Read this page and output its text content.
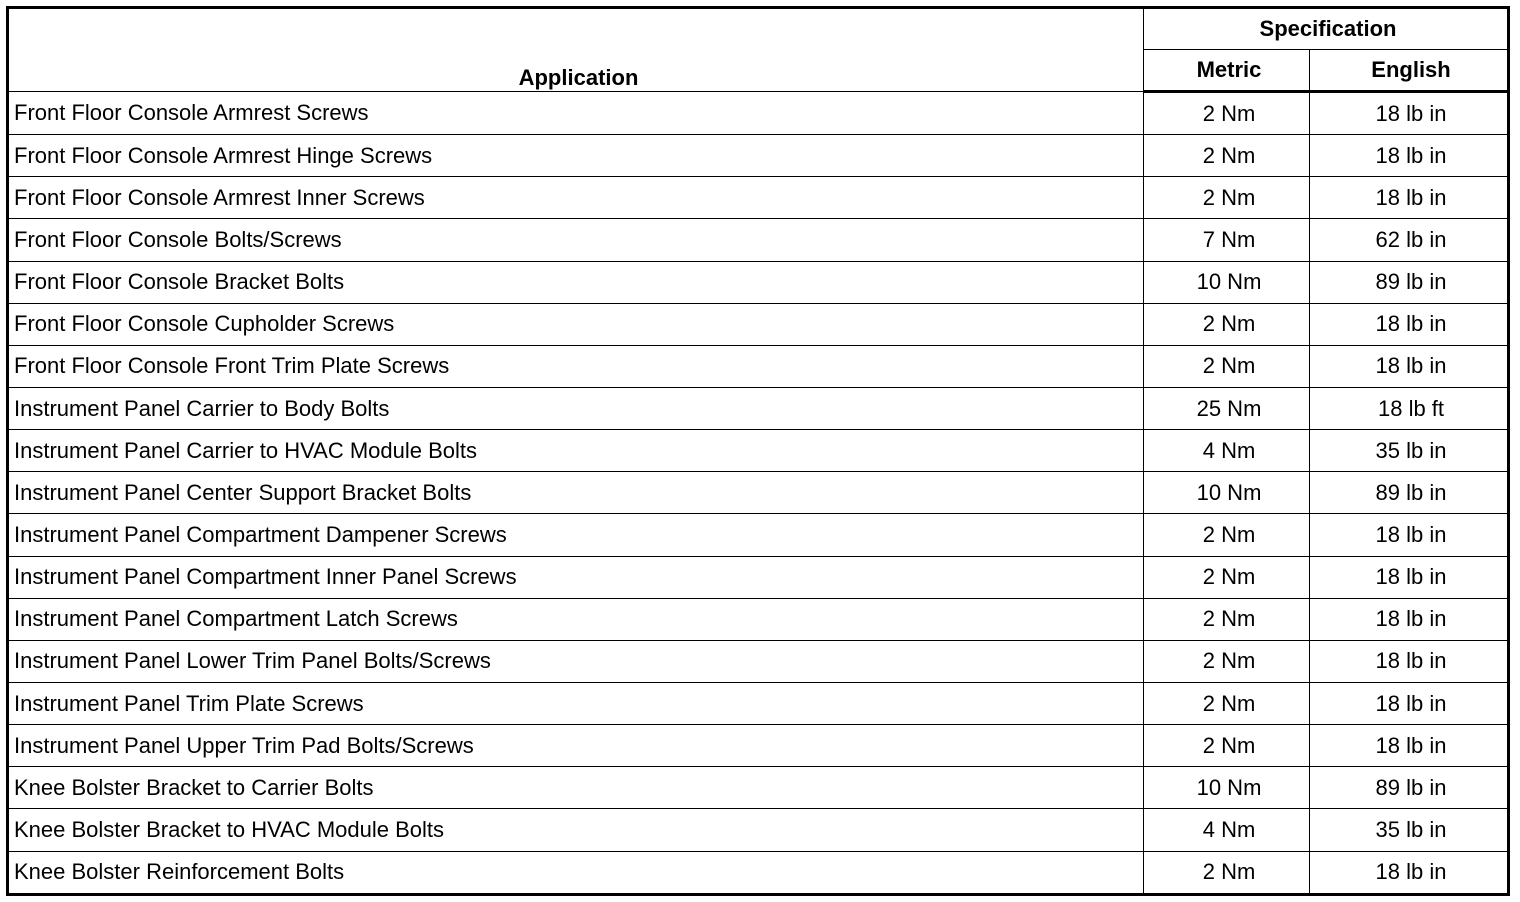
Application	Specification	
	Metric	English
Front Floor Console Armrest Screws	2 Nm	18 lb in
Front Floor Console Armrest Hinge Screws	2 Nm	18 lb in
Front Floor Console Armrest Inner Screws	2 Nm	18 lb in
Front Floor Console Bolts/Screws	7 Nm	62 lb in
Front Floor Console Bracket Bolts	10 Nm	89 lb in
Front Floor Console Cupholder Screws	2 Nm	18 lb in
Front Floor Console Front Trim Plate Screws	2 Nm	18 lb in
Instrument Panel Carrier to Body Bolts	25 Nm	18 lb ft
Instrument Panel Carrier to HVAC Module Bolts	4 Nm	35 lb in
Instrument Panel Center Support Bracket Bolts	10 Nm	89 lb in
Instrument Panel Compartment Dampener Screws	2 Nm	18 lb in
Instrument Panel Compartment Inner Panel Screws	2 Nm	18 lb in
Instrument Panel Compartment Latch Screws	2 Nm	18 lb in
Instrument Panel Lower Trim Panel Bolts/Screws	2 Nm	18 lb in
Instrument Panel Trim Plate Screws	2 Nm	18 lb in
Instrument Panel Upper Trim Pad Bolts/Screws	2 Nm	18 lb in
Knee Bolster Bracket to Carrier Bolts	10 Nm	89 lb in
Knee Bolster Bracket to HVAC Module Bolts	4 Nm	35 lb in
Knee Bolster Reinforcement Bolts	2 Nm	18 lb in
